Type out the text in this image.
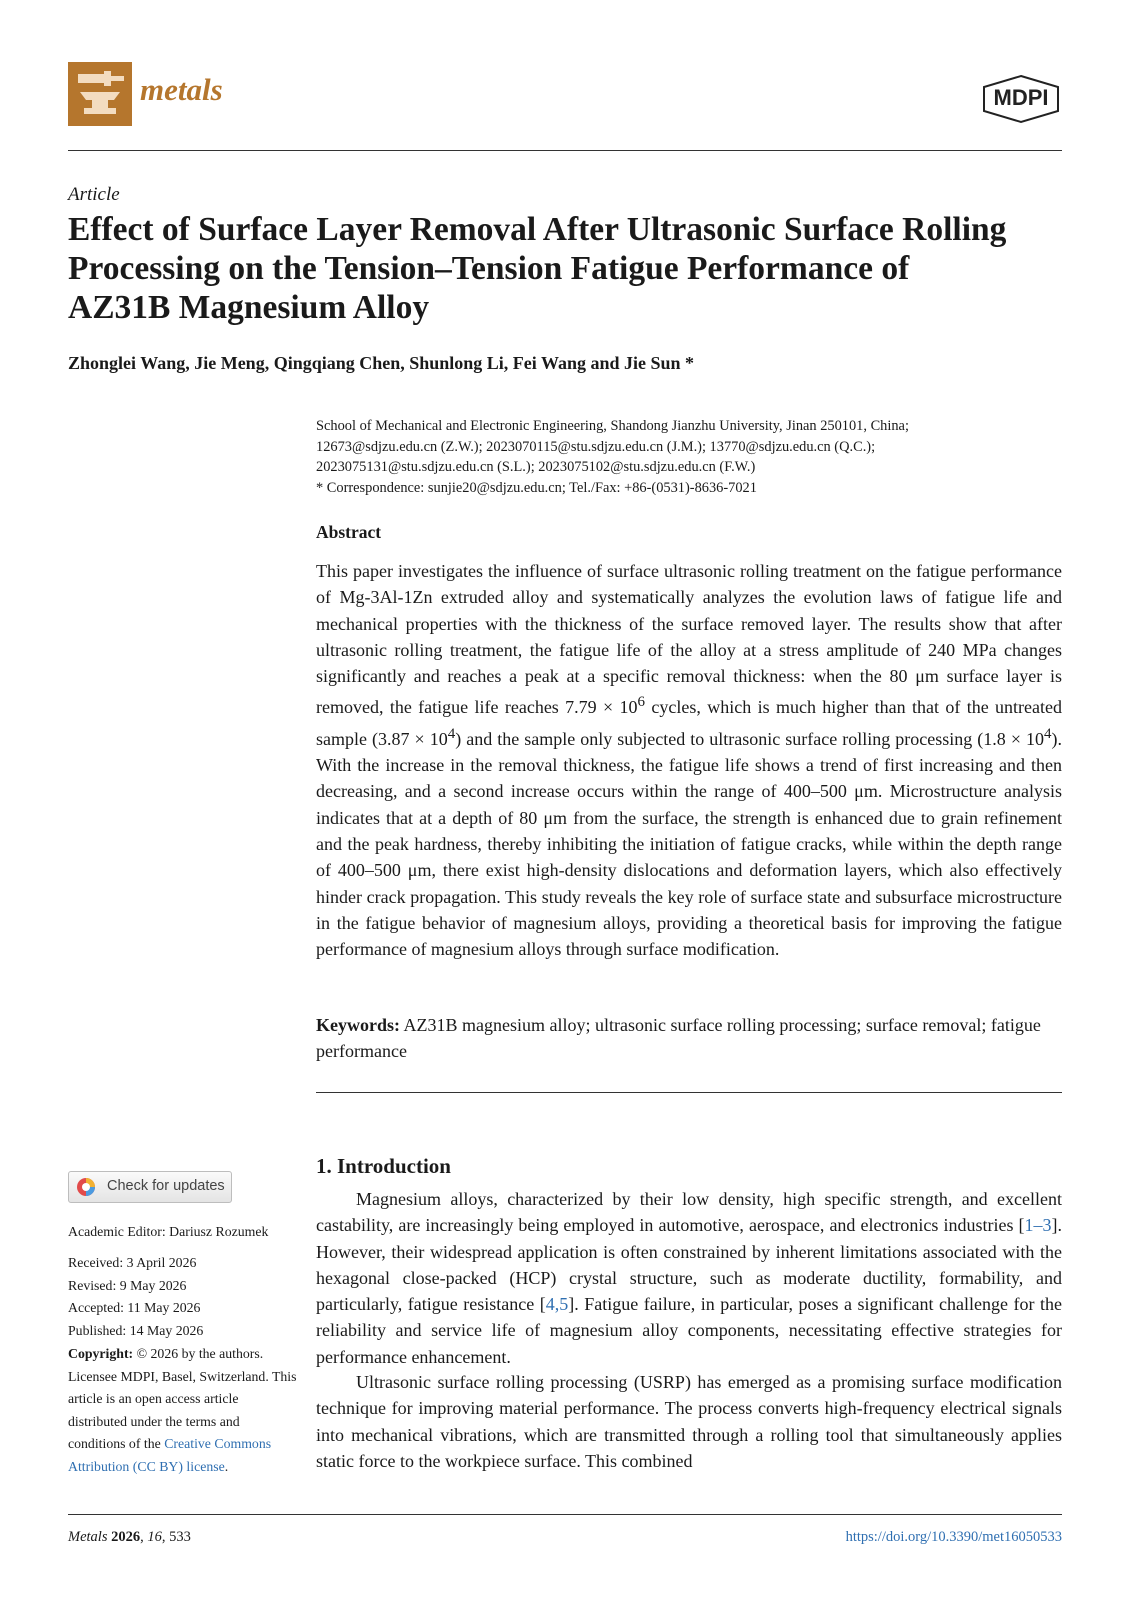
metals	MDPI
Article
Effect of Surface Layer Removal After Ultrasonic Surface Rolling
Processing on the Tension–Tension Fatigue Performance of
AZ31B Magnesium Alloy
Zhonglei Wang, Jie Meng, Qingqiang Chen, Shunlong Li, Fei Wang and Jie Sun *
School of Mechanical and Electronic Engineering, Shandong Jianzhu University, Jinan 250101, China;
12673@sdjzu.edu.cn (Z.W.); 2023070115@stu.sdjzu.edu.cn (J.M.); 13770@sdjzu.edu.cn (Q.C.);
2023075131@stu.sdjzu.edu.cn (S.L.); 2023075102@stu.sdjzu.edu.cn (F.W.)
* Correspondence: sunjie20@sdjzu.edu.cn; Tel./Fax: +86-(0531)-8636-7021
Abstract
This paper investigates the influence of surface ultrasonic rolling treatment on the fatigue performance of Mg-3Al-1Zn extruded alloy and systematically analyzes the evolution laws of fatigue life and mechanical properties with the thickness of the surface removed layer. The results show that after ultrasonic rolling treatment, the fatigue life of the alloy at a stress amplitude of 240 MPa changes significantly and reaches a peak at a specific removal thickness: when the 80 μm surface layer is removed, the fatigue life reaches $7.79 \times 10^6$ cycles, which is much higher than that of the untreated sample $(3.87 \times 10^4)$ and the sample only subjected to ultrasonic surface rolling processing $(1.8 \times 10^4)$. With the increase in the removal thickness, the fatigue life shows a trend of first increasing and then decreasing, and a second increase occurs within the range of 400–500 μm. Microstructure analysis indicates that at a depth of 80 μm from the surface, the strength is enhanced due to grain refinement and the peak hardness, thereby inhibiting the initiation of fatigue cracks, while within the depth range of 400–500 μm, there exist high-density dislocations and deformation layers, which also effectively hinder crack propagation. This study reveals the key role of surface state and subsurface microstructure in the fatigue behavior of magnesium alloys, providing a theoretical basis for improving the fatigue performance of magnesium alloys through surface modification.
Keywords: AZ31B magnesium alloy; ultrasonic surface rolling processing; surface removal; fatigue performance
1. Introduction
Magnesium alloys, characterized by their low density, high specific strength, and excellent castability, are increasingly being employed in automotive, aerospace, and electronics industries [1–3]. However, their widespread application is often constrained by inherent limitations associated with the hexagonal close-packed (HCP) crystal structure, such as moderate ductility, formability, and particularly, fatigue resistance [4,5]. Fatigue failure, in particular, poses a significant challenge for the reliability and service life of magnesium alloy components, necessitating effective strategies for performance enhancement.
Ultrasonic surface rolling processing (USRP) has emerged as a promising surface modification technique for improving material performance. The process converts high-frequency electrical signals into mechanical vibrations, which are transmitted through a rolling tool that simultaneously applies static force to the workpiece surface. This combined
Check for updates
Academic Editor: Dariusz Rozumek
Received: 3 April 2026
Revised: 9 May 2026
Accepted: 11 May 2026
Published: 14 May 2026
Copyright: © 2026 by the authors. Licensee MDPI, Basel, Switzerland. This article is an open access article distributed under the terms and conditions of the Creative Commons Attribution (CC BY) license.
Metals 2026, 16, 533	https://doi.org/10.3390/met16050533
